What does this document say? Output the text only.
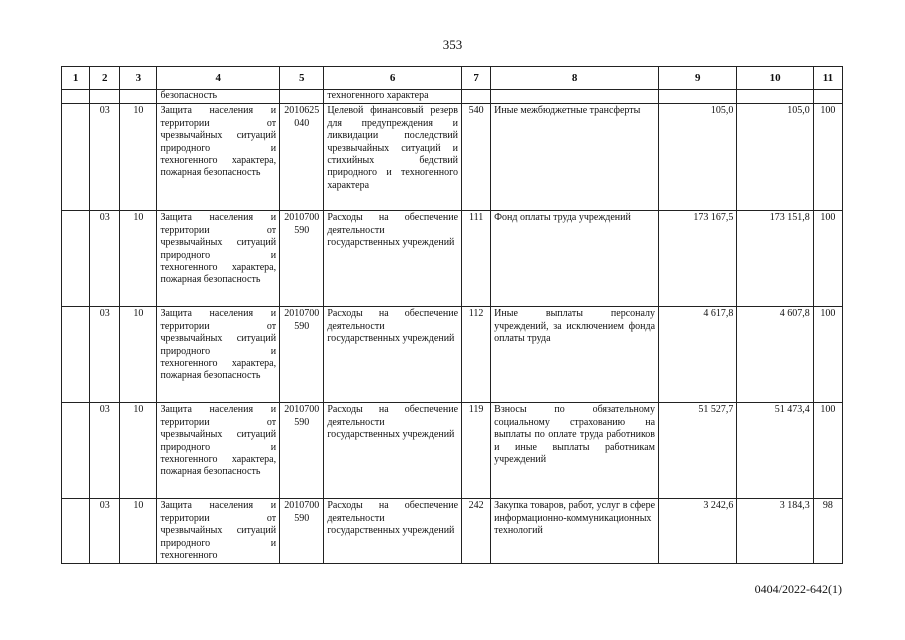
353
1	2	3	4	5	6	7	8	9	10	11
			безопасность		техногенного характера					
	03	10	Защита населения и территории от чрезвычайных ситуаций природного и техногенного характера, пожарная безопасность	2010625040	Целевой финансовый резерв для предупреждения и ликвидации последствий чрезвычайных ситуаций и стихийных бедствий природного и техногенного характера	540	Иные межбюджетные трансферты	105,0	105,0	100
	03	10	Защита населения и территории от чрезвычайных ситуаций природного и техногенного характера, пожарная безопасность	2010700590	Расходы на обеспечение деятельности государственных учреждений	111	Фонд оплаты труда учреждений	173 167,5	173 151,8	100
	03	10	Защита населения и территории от чрезвычайных ситуаций природного и техногенного характера, пожарная безопасность	2010700590	Расходы на обеспечение деятельности государственных учреждений	112	Иные выплаты персоналу учреждений, за исключением фонда оплаты труда	4 617,8	4 607,8	100
	03	10	Защита населения и территории от чрезвычайных ситуаций природного и техногенного характера, пожарная безопасность	2010700590	Расходы на обеспечение деятельности государственных учреждений	119	Взносы по обязательному социальному страхованию на выплаты по оплате труда работников и иные выплаты работникам учреждений	51 527,7	51 473,4	100
	03	10	Защита населения и территории от чрезвычайных ситуаций природного и техногенного	2010700590	Расходы на обеспечение деятельности государственных учреждений	242	Закупка товаров, работ, услуг в сфере информационно-коммуникационных технологий	3 242,6	3 184,3	98
0404/2022-642(1)
